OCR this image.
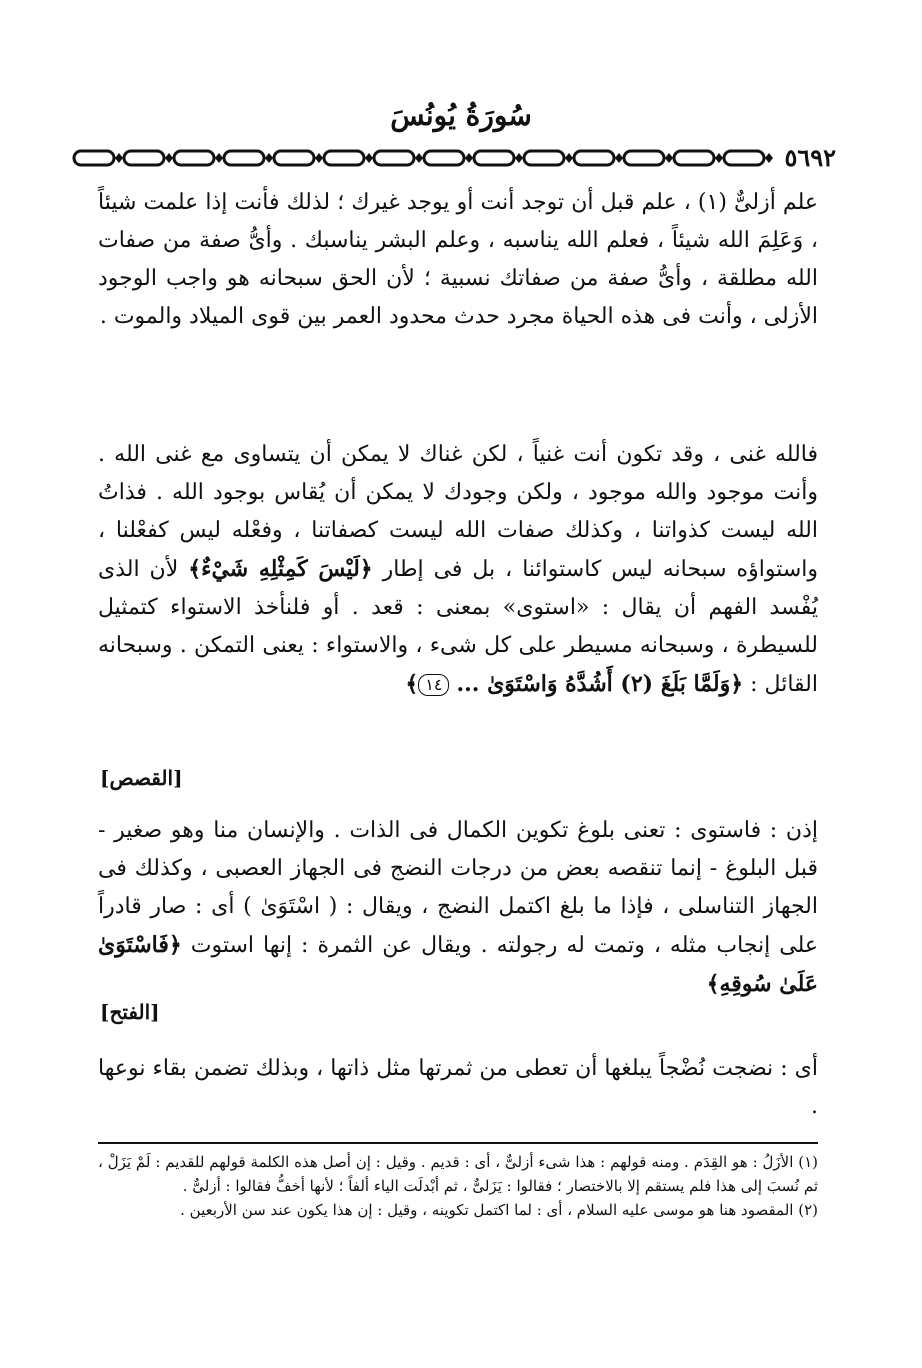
سُورَةُ يُونُسَ
٥٦٩٢

علم أزلىٌّ (١) ، علم قبل أن توجد أنت أو يوجد غيرك ؛ لذلك فأنت إذا علمت شيئاً ، وَعَلِمَ الله شيئاً ، فعلم الله يناسبه ، وعلم البشر يناسبك . وأىُّ صفة من صفات الله مطلقة ، وأىُّ صفة من صفاتك نسبية ؛ لأن الحق سبحانه هو واجب الوجود الأزلى ، وأنت فى هذه الحياة مجرد حدث محدود العمر بين قوى الميلاد والموت .

فالله غنى ، وقد تكون أنت غنياً ، لكن غناك لا يمكن أن يتساوى مع غنى الله . وأنت موجود والله موجود ، ولكن وجودك لا يمكن أن يُقاس بوجود الله . فذاتُ الله ليست كذواتنا ، وكذلك صفات الله ليست كصفاتنا ، وفعْله ليس كفعْلنا ، واستواؤه سبحانه ليس كاستوائنا ، بل فى إطار ﴿لَيْسَ كَمِثْلِهِ شَيْءٌ﴾ لأن الذى يُفْسد الفهم أن يقال : «استوى» بمعنى : قعد . أو فلنأخذ الاستواء كتمثيل للسيطرة ، وسبحانه مسيطر على كل شىء ، والاستواء : يعنى التمكن . وسبحانه القائل : ﴿وَلَمَّا بَلَغَ (٢) أَشُدَّهُ وَاسْتَوَىٰ ... ١٤﴾

[القصص]

إذن : فاستوى : تعنى بلوغ تكوين الكمال فى الذات . والإنسان منا وهو صغير - قبل البلوغ - إنما تنقصه بعض من درجات النضج فى الجهاز العصبى ، وكذلك فى الجهاز التناسلى ، فإذا ما بلغ اكتمل النضج ، ويقال : ( اسْتَوَىٰ ) أى : صار قادراً على إنجاب مثله ، وتمت له رجولته . ويقال عن الثمرة : إنها استوت ﴿فَاسْتَوَىٰ عَلَىٰ سُوقِهِ﴾

[الفتح]

أى : نضجت نُضْجاً يبلغها أن تعطى من ثمرتها مثل ذاتها ، وبذلك تضمن بقاء نوعها .

(١) الأزَلُ : هو القِدَم . ومنه قولهم : هذا شىء أزلىٌّ ، أى : قديم . وقيل : إن أصل هذه الكلمة قولهم للقديم : لَمْ يَزَلْ ، ثم نُسبَ إلى هذا فلم يستقم إلا بالاختصار ؛ فقالوا : يَزَلىٌّ ، ثم أبْدلَت الياء ألفاً ؛ لأنها أخفُّ فقالوا : أزلىٌّ .

(٢) المقصود هنا هو موسى عليه السلام ، أى : لما اكتمل تكوينه ، وقيل : إن هذا يكون عند سن الأربعين .
